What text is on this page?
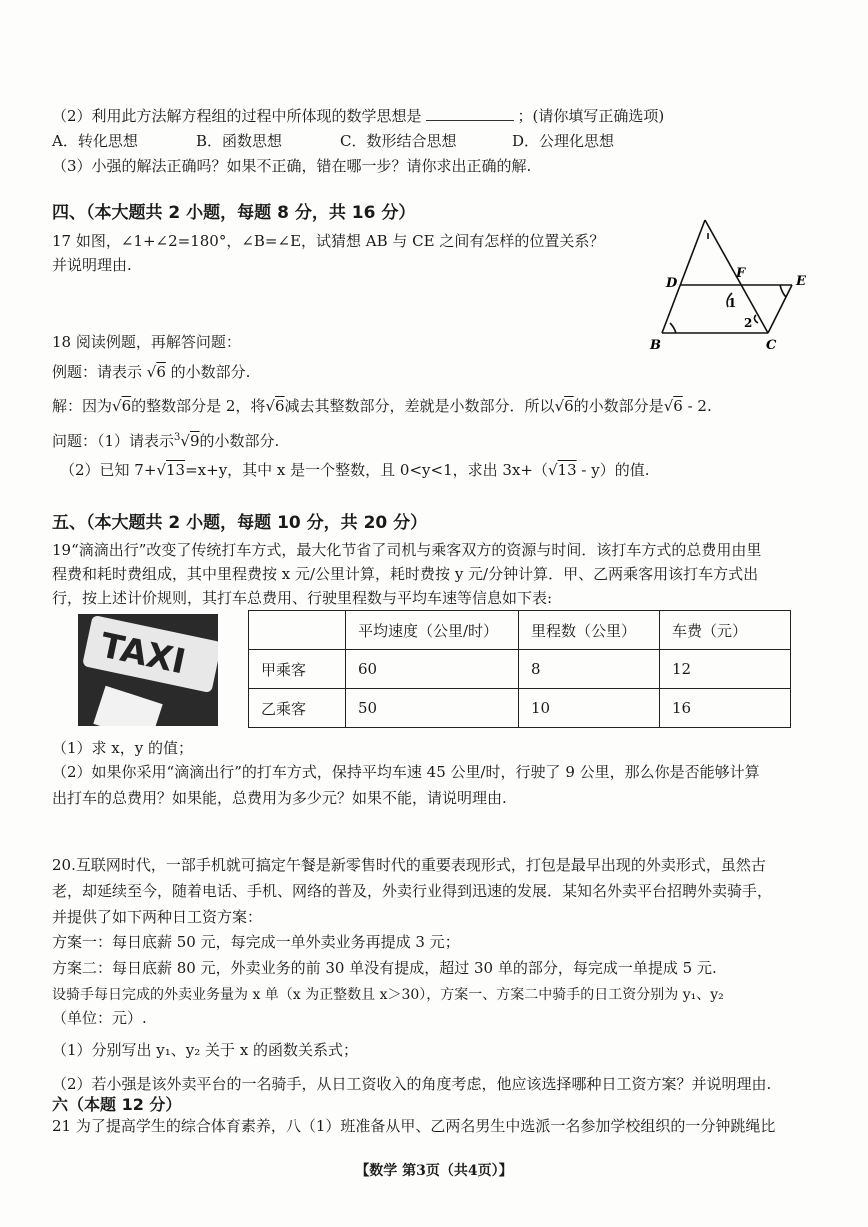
（2）利用此方法解方程组的过程中所体现的数学思想是	；(请你填写正确选项)
A．转化思想	B．函数思想	C．数形结合思想	D．公理化思想
（3）小强的解法正确吗？如果不正确，错在哪一步？请你求出正确的解.
四、（本大题共 2 小题，每题 8 分，共 16 分）
17 如图，∠1+∠2=180°，∠B=∠E，试猜想 AB 与 CE 之间有怎样的位置关系？
并说明理由.
D
F
E
B	C
1
2
18 阅读例题，再解答问题：
例题：请表示 √6 的小数部分.
解：因为√6的整数部分是 2，将√6减去其整数部分，差就是小数部分．所以√6的小数部分是√6 - 2.
问题：（1）请表示$^3$√9的小数部分.
（2）已知 7+√13=x+y，其中 x 是一个整数，且 0<y<1，求出 3x+（√13 - y）的值.
五、（本大题共 2 小题，每题 10 分，共 20 分）
19“滴滴出行”改变了传统打车方式，最大化节省了司机与乘客双方的资源与时间．该打车方式的总费用由里
程费和耗时费组成，其中里程费按 x 元/公里计算，耗时费按 y 元/分钟计算．甲、乙两乘客用该打车方式出
行，按上述计价规则，其打车总费用、行驶里程数与平均车速等信息如下表:
TAXI
		平均速度（公里/时）	里程数（公里）	车费（元）
甲乘客	60	8	12
乙乘客	50	10	16
（1）求 x，y 的值；
（2）如果你采用“滴滴出行”的打车方式，保持平均车速 45 公里/时，行驶了 9 公里，那么你是否能够计算
出打车的总费用？如果能，总费用为多少元？如果不能，请说明理由.
20.互联网时代，一部手机就可搞定午餐是新零售时代的重要表现形式，打包是最早出现的外卖形式，虽然古
老，却延续至今，随着电话、手机、网络的普及，外卖行业得到迅速的发展．某知名外卖平台招聘外卖骑手，
并提供了如下两种日工资方案：
方案一：每日底薪 50 元，每完成一单外卖业务再提成 3 元；
方案二：每日底薪 80 元，外卖业务的前 30 单没有提成，超过 30 单的部分，每完成一单提成 5 元.
设骑手每日完成的外卖业务量为 x 单（x 为正整数且 x＞30），方案一、方案二中骑手的日工资分别为 y₁、y₂
（单位：元）.
（1）分别写出 y₁、y₂ 关于 x 的函数关系式；
（2）若小强是该外卖平台的一名骑手，从日工资收入的角度考虑，他应该选择哪种日工资方案？并说明理由.
六（本题 12 分）
21 为了提高学生的综合体育素养，八（1）班准备从甲、乙两名男生中选派一名参加学校组织的一分钟跳绳比
【数学 第3页（共4页）】
